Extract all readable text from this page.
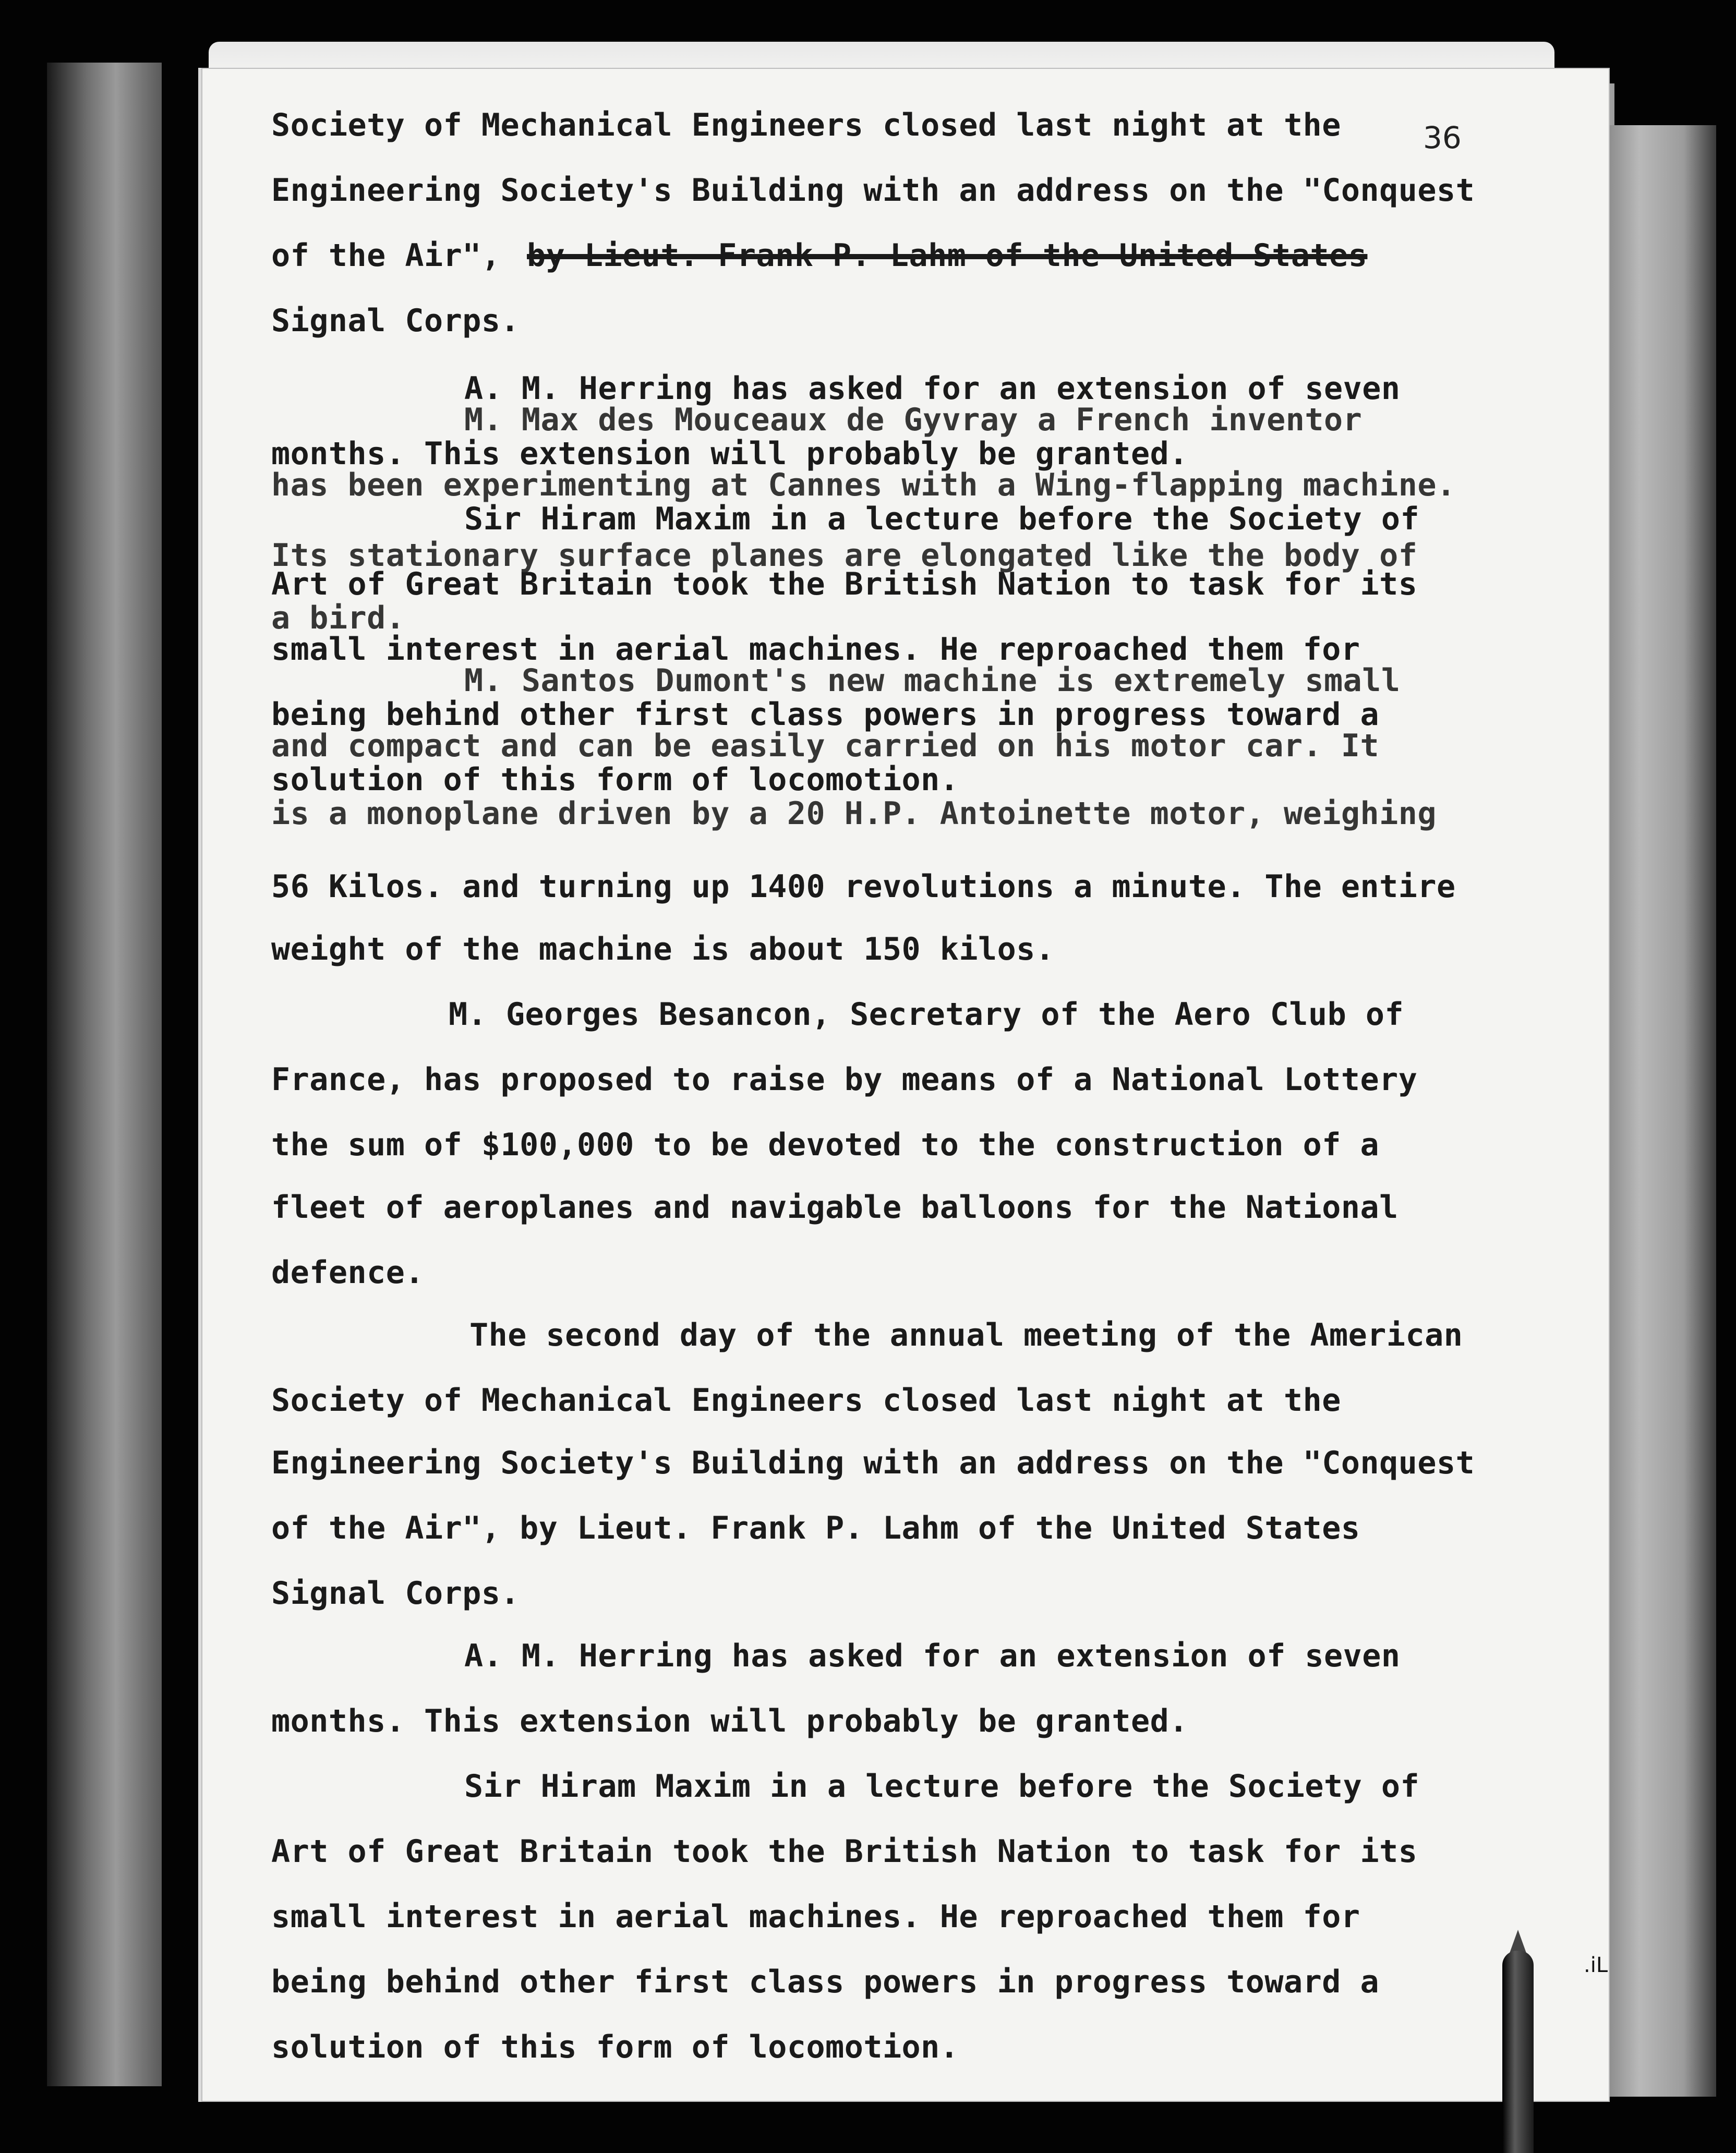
36
Society of Mechanical Engineers closed last night at the
Engineering Society's Building with an address on the "Conquest
of the Air", by Lieut. Frank P. Lahm of the United States
Signal Corps.
A. M. Herring has asked for an extension of seven
months. This extension will probably be granted.
Sir Hiram Maxim in a lecture before the Society of
Art of Great Britain took the British Nation to task for its
small interest in aerial machines. He reproached them for
being behind other first class powers in progress toward a
solution of this form of locomotion.
M. Max des Mouceaux de Gyvray a French inventor
has been experimenting at Cannes with a Wing-flapping machine.
Its stationary surface planes are elongated like the body of
a bird.
M. Santos Dumont's new machine is extremely small
and compact and can be easily carried on his motor car. It
is a monoplane driven by a 20 H.P. Antoinette motor, weighing
56 Kilos. and turning up 1400 revolutions a minute. The entire
weight of the machine is about 150 kilos.
M. Georges Besancon, Secretary of the Aero Club of
France, has proposed to raise by means of a National Lottery
the sum of $100,000 to be devoted to the construction of a
fleet of aeroplanes and navigable balloons for the National
defence.
The second day of the annual meeting of the American
Society of Mechanical Engineers closed last night at the
Engineering Society's Building with an address on the "Conquest
of the Air", by Lieut. Frank P. Lahm of the United States
Signal Corps.
A. M. Herring has asked for an extension of seven
months. This extension will probably be granted.
Sir Hiram Maxim in a lecture before the Society of
Art of Great Britain took the British Nation to task for its
small interest in aerial machines. He reproached them for
being behind other first class powers in progress toward a
solution of this form of locomotion.
.iL
